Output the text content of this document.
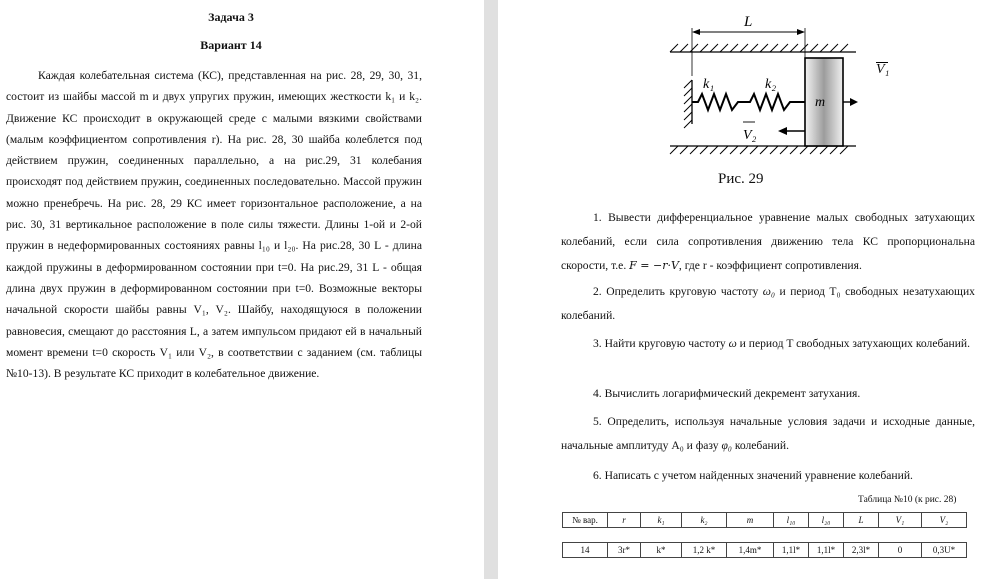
Задача 3
Вариант 14
Каждая колебательная система (КС), представленная на рис. 28, 29, 30, 31, состоит из шайбы массой m и двух упругих пружин, имеющих жесткости k₁ и k₂. Движение КС происходит в окружающей среде с малыми вязкими свойствами (малым коэффициентом сопротивления r). На рис. 28, 30 шайба колеблется под действием пружин, соединенных параллельно, а на рис.29, 31 колебания происходят под действием пружин, соединенных последовательно. Массой пружин можно пренебречь. На рис. 28, 29 КС имеет горизонтальное расположение, а на рис. 30, 31 вертикальное расположение в поле силы тяжести. Длины 1-ой и 2-ой пружин в недеформированных состояниях равны l₁₀ и l₂₀. На рис.28, 30 L - длина каждой пружины в деформированном состоянии при t=0. На рис.29, 31 L - общая длина двух пружин в деформированном состоянии при t=0. Возможные векторы начальной скорости шайбы равны V₁, V₂. Шайбу, находящуюся в положении равновесия, смещают до расстояния L, а затем импульсом придают ей в начальный момент времени t=0 скорость V₁ или V₂, в соответствии с заданием (см. таблицы №10-13). В результате КС приходит в колебательное движение.
L
k₁	k₂
m
V₂
V₁
Рис. 29
1. Вывести дифференциальное уравнение малых свободных затухающих колебаний, если сила сопротивления движению тела КС пропорциональна скорости, т.е. F = −r·V, где r - коэффициент сопротивления.
2. Определить круговую частоту ω₀ и период T₀ свободных незатухающих колебаний.
3. Найти круговую частоту ω и период T свободных затухающих колебаний.
4. Вычислить логарифмический декремент затухания.
5. Определить, используя начальные условия задачи и исходные данные, начальные амплитуду A₀ и фазу φ₀ колебаний.
6. Написать с учетом найденных значений уравнение колебаний.
Таблица №10 (к рис. 28)
№ вар.	r	k₁	k₂	m	l₁₀	l₂₀	L	V₁	V₂

14	3r*	k*	1,2 k*	1,4m*	1,1l*	1,1l*	2,3l*	0	0,3U*
